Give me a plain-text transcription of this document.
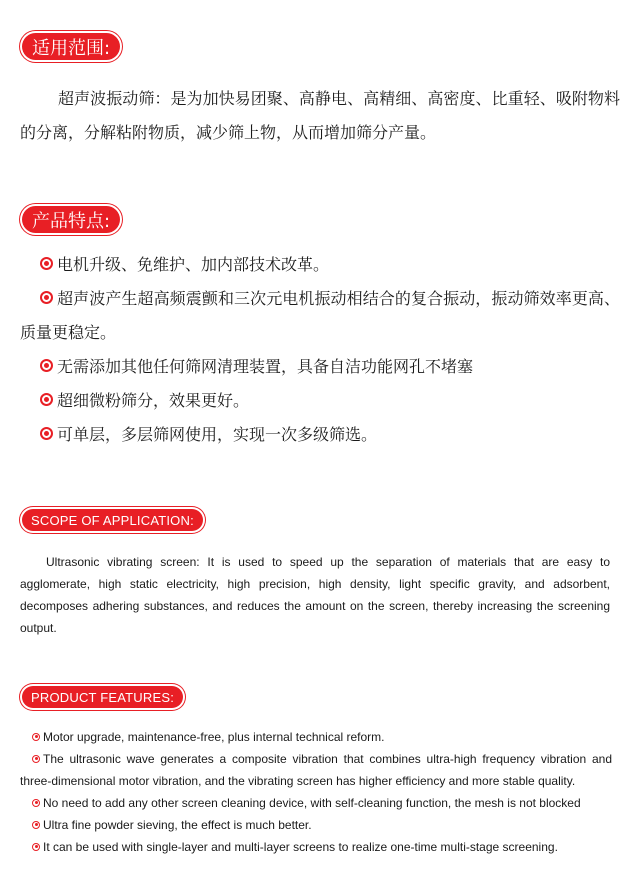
适用范围:
超声波振动筛：是为加快易团聚、高静电、高精细、高密度、比重轻、吸附物料的分离，分解粘附物质，减少筛上物，从而增加筛分产量。
产品特点:
电机升级、免维护、加内部技术改革。
超声波产生超高频震颤和三次元电机振动相结合的复合振动，振动筛效率更高、质量更稳定。
无需添加其他任何筛网清理装置，具备自洁功能网孔不堵塞
超细微粉筛分，效果更好。
可单层，多层筛网使用，实现一次多级筛选。
SCOPE OF APPLICATION:
Ultrasonic vibrating screen: It is used to speed up the separation of materials that are easy to agglomerate, high static electricity, high precision, high density, light specific gravity, and adsorbent, decomposes adhering substances, and reduces the amount on the screen, thereby increasing the screening output.
PRODUCT FEATURES:
Motor upgrade, maintenance-free, plus internal technical reform.
The ultrasonic wave generates a composite vibration that combines ultra-high frequency vibration and three-dimensional motor vibration, and the vibrating screen has higher efficiency and more stable quality.
No need to add any other screen cleaning device, with self-cleaning function, the mesh is not blocked
Ultra fine powder sieving, the effect is much better.
It can be used with single-layer and multi-layer screens to realize one-time multi-stage screening.
